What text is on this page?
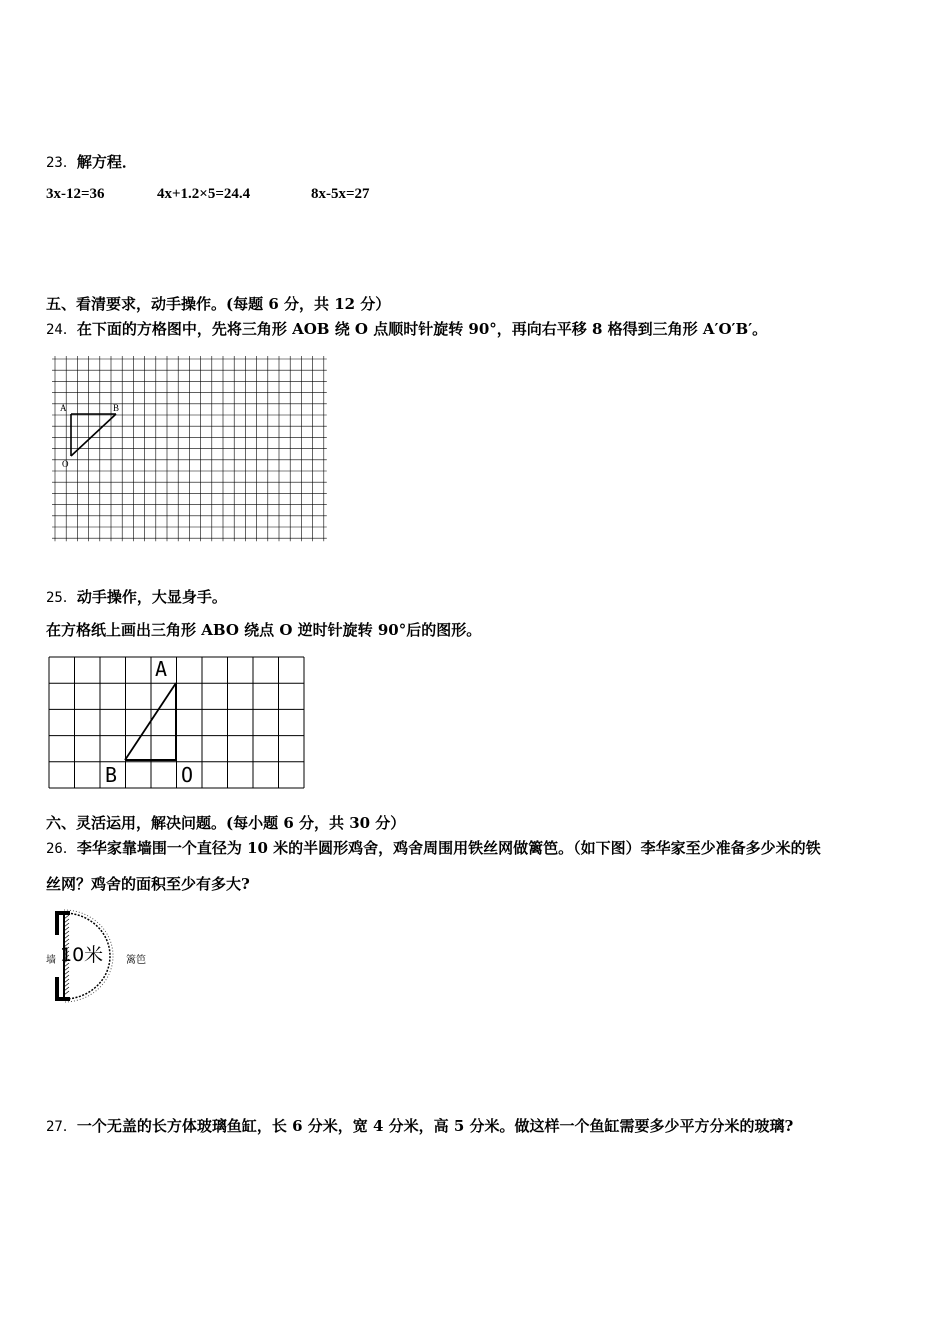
23．解方程．
3x-12=36	4x+1.2×5=24.4	8x-5x=27
五、看清要求，动手操作。(每题 6 分，共 12 分）
24．在下面的方格图中，先将三角形 AOB 绕 O 点顺时针旋转 90°，再向右平移 8 格得到三角形 A′O′B′。
A	B
O
25．动手操作，大显身手。
在方格纸上画出三角形 ABO 绕点 O 逆时针旋转 90°后的图形。
A
B	O
六、灵活运用，解决问题。(每小题 6 分，共 30 分）
26．李华家靠墙围一个直径为 10 米的半圆形鸡舍，鸡舍周围用铁丝网做篱笆。（如下图）李华家至少准备多少米的铁
丝网？鸡舍的面积至少有多大?
墙 10米 篱笆
27．一个无盖的长方体玻璃鱼缸，长 6 分米，宽 4 分米，高 5 分米。做这样一个鱼缸需要多少平方分米的玻璃?
